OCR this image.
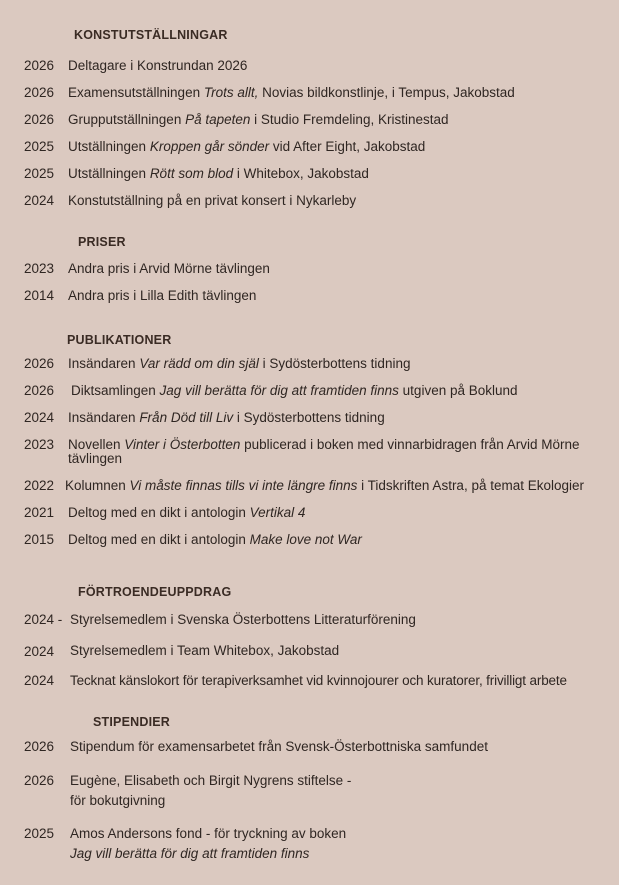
KONSTUTSTÄLLNINGAR
2026 Deltagare i Konstrundan 2026
2026 Examensutställningen Trots allt, Novias bildkonstlinje, i Tempus, Jakobstad
2026 Grupputställningen På tapeten i Studio Fremdeling, Kristinestad
2025 Utställningen Kroppen går sönder vid After Eight, Jakobstad
2025 Utställningen Rött som blod i Whitebox, Jakobstad
2024 Konstutställning på en privat konsert i Nykarleby
PRISER
2023 Andra pris i Arvid Mörne tävlingen
2014 Andra pris i Lilla Edith tävlingen
PUBLIKATIONER
2026 Insändaren Var rädd om din själ i Sydösterbottens tidning
2026 Diktsamlingen Jag vill berätta för dig att framtiden finns utgiven på Boklund
2024 Insändaren Från Död till Liv i Sydösterbottens tidning
2023 Novellen Vinter i Österbotten publicerad i boken med vinnarbidragen från Arvid Mörne tävlingen
2022 Kolumnen Vi måste finnas tills vi inte längre finns i Tidskriften Astra, på temat Ekologier
2021 Deltog med en dikt i antologin Vertikal 4
2015 Deltog med en dikt i antologin Make love not War
FÖRTROENDEUPPDRAG
2024 - Styrelsemedlem i Svenska Österbottens Litteraturförening
2024 Styrelsemedlem i Team Whitebox, Jakobstad
2024 Tecknat känslokort för terapiverksamhet vid kvinnojourer och kuratorer, frivilligt arbete
STIPENDIER
2026 Stipendum för examensarbetet från Svensk-Österbottniska samfundet
2026 Eugène, Elisabeth och Birgit Nygrens stiftelse -
för bokutgivning
2025 Amos Andersons fond - för tryckning av boken
Jag vill berätta för dig att framtiden finns
